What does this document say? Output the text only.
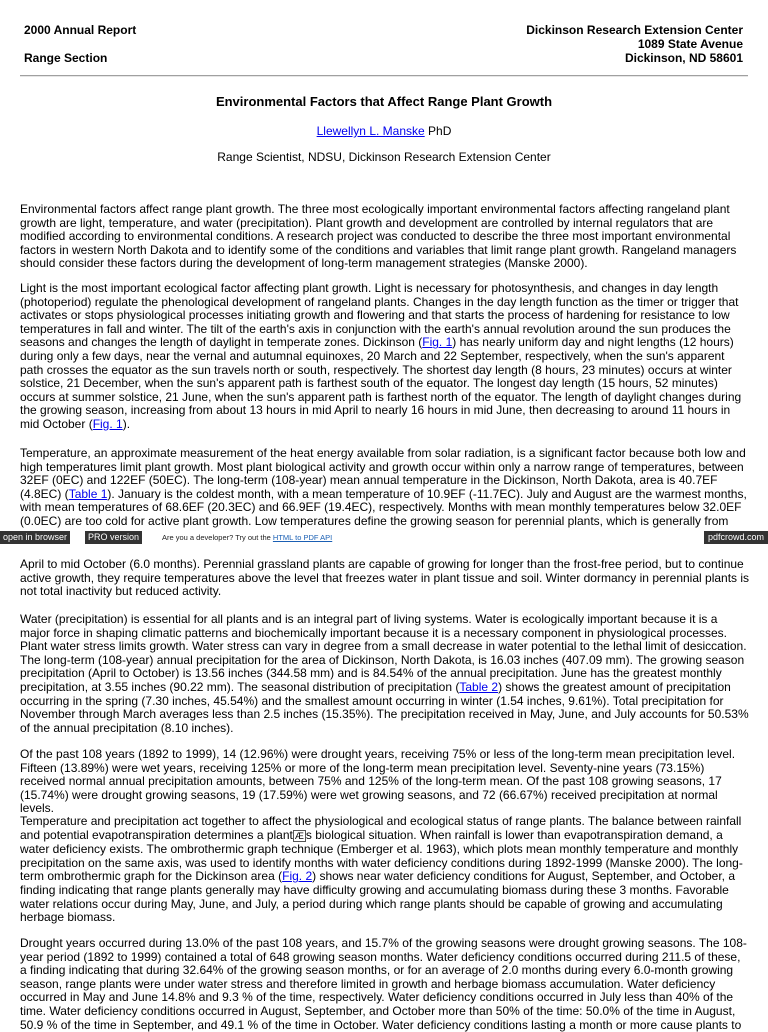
2000 Annual Report
Range Section
Dickinson Research Extension Center
1089 State Avenue
Dickinson, ND 58601
Environmental Factors that Affect Range Plant Growth
Llewellyn L. Manske PhD
Range Scientist, NDSU, Dickinson Research Extension Center

Environmental factors affect range plant growth. The three most ecologically important environmental factors affecting rangeland plant growth are light, temperature, and water (precipitation). Plant growth and development are controlled by internal regulators that are modified according to environmental conditions. A research project was conducted to describe the three most important environmental factors in western North Dakota and to identify some of the conditions and variables that limit range plant growth. Rangeland managers should consider these factors during the development of long-term management strategies (Manske 2000).

Light is the most important ecological factor affecting plant growth. Light is necessary for photosynthesis, and changes in day length (photoperiod) regulate the phenological development of rangeland plants. Changes in the day length function as the timer or trigger that activates or stops physiological processes initiating growth and flowering and that starts the process of hardening for resistance to low temperatures in fall and winter. The tilt of the earth's axis in conjunction with the earth's annual revolution around the sun produces the seasons and changes the length of daylight in temperate zones. Dickinson (Fig. 1) has nearly uniform day and night lengths (12 hours) during only a few days, near the vernal and autumnal equinoxes, 20 March and 22 September, respectively, when the sun's apparent path crosses the equator as the sun travels north or south, respectively. The shortest day length (8 hours, 23 minutes) occurs at winter solstice, 21 December, when the sun's apparent path is farthest south of the equator. The longest day length (15 hours, 52 minutes) occurs at summer solstice, 21 June, when the sun's apparent path is farthest north of the equator. The length of daylight changes during the growing season, increasing from about 13 hours in mid April to nearly 16 hours in mid June, then decreasing to around 11 hours in mid October (Fig. 1).

Temperature, an approximate measurement of the heat energy available from solar radiation, is a significant factor because both low and high temperatures limit plant growth. Most plant biological activity and growth occur within only a narrow range of temperatures, between 32EF (0EC) and 122EF (50EC). The long-term (108-year) mean annual temperature in the Dickinson, North Dakota, area is 40.7EF (4.8EC) (Table 1). January is the coldest month, with a mean temperature of 10.9EF (-11.7EC). July and August are the warmest months, with mean temperatures of 68.6EF (20.3EC) and 66.9EF (19.4EC), respectively. Months with mean monthly temperatures below 32.0EF (0.0EC) are too cold for active plant growth. Low temperatures define the growing season for perennial plants, which is generally from

open in browser	PRO version	Are you a developer? Try out the HTML to PDF API	pdfcrowd.com

April to mid October (6.0 months). Perennial grassland plants are capable of growing for longer than the frost-free period, but to continue active growth, they require temperatures above the level that freezes water in plant tissue and soil. Winter dormancy in perennial plants is not total inactivity but reduced activity.

Water (precipitation) is essential for all plants and is an integral part of living systems. Water is ecologically important because it is a major force in shaping climatic patterns and biochemically important because it is a necessary component in physiological processes. Plant water stress limits growth. Water stress can vary in degree from a small decrease in water potential to the lethal limit of desiccation. The long-term (108-year) annual precipitation for the area of Dickinson, North Dakota, is 16.03 inches (407.09 mm). The growing season precipitation (April to October) is 13.56 inches (344.58 mm) and is 84.54% of the annual precipitation. June has the greatest monthly precipitation, at 3.55 inches (90.22 mm). The seasonal distribution of precipitation (Table 2) shows the greatest amount of precipitation occurring in the spring (7.30 inches, 45.54%) and the smallest amount occurring in winter (1.54 inches, 9.61%). Total precipitation for November through March averages less than 2.5 inches (15.35%). The precipitation received in May, June, and July accounts for 50.53% of the annual precipitation (8.10 inches).

Of the past 108 years (1892 to 1999), 14 (12.96%) were drought years, receiving 75% or less of the long-term mean precipitation level. Fifteen (13.89%) were wet years, receiving 125% or more of the long-term mean precipitation level. Seventy-nine years (73.15%) received normal annual precipitation amounts, between 75% and 125% of the long-term mean. Of the past 108 growing seasons, 17 (15.74%) were drought growing seasons, 19 (17.59%) were wet growing seasons, and 72 (66.67%) received precipitation at normal levels.

Temperature and precipitation act together to affect the physiological and ecological status of range plants. The balance between rainfall and potential evapotranspiration determines a plant Æ s biological situation. When rainfall is lower than evapotranspiration demand, a water deficiency exists. The ombrothermic graph technique (Emberger et al. 1963), which plots mean monthly temperature and monthly precipitation on the same axis, was used to identify months with water deficiency conditions during 1892-1999 (Manske 2000). The long-term ombrothermic graph for the Dickinson area (Fig. 2) shows near water deficiency conditions for August, September, and October, a finding indicating that range plants generally may have difficulty growing and accumulating biomass during these 3 months. Favorable water relations occur during May, June, and July, a period during which range plants should be capable of growing and accumulating herbage biomass.

Drought years occurred during 13.0% of the past 108 years, and 15.7% of the growing seasons were drought growing seasons. The 108-year period (1892 to 1999) contained a total of 648 growing season months. Water deficiency conditions occurred during 211.5 of these, a finding indicating that during 32.64% of the growing season months, or for an average of 2.0 months during every 6.0-month growing season, range plants were under water stress and therefore limited in growth and herbage biomass accumulation. Water deficiency occurred in May and June 14.8% and 9.3 % of the time, respectively. Water deficiency conditions occurred in July less than 40% of the time. Water deficiency conditions occurred in August, September, and October more than 50% of the time: 50.0% of the time in August, 50.9 % of the time in September, and 49.1 % of the time in October. Water deficiency conditions lasting a month or more cause plants to
